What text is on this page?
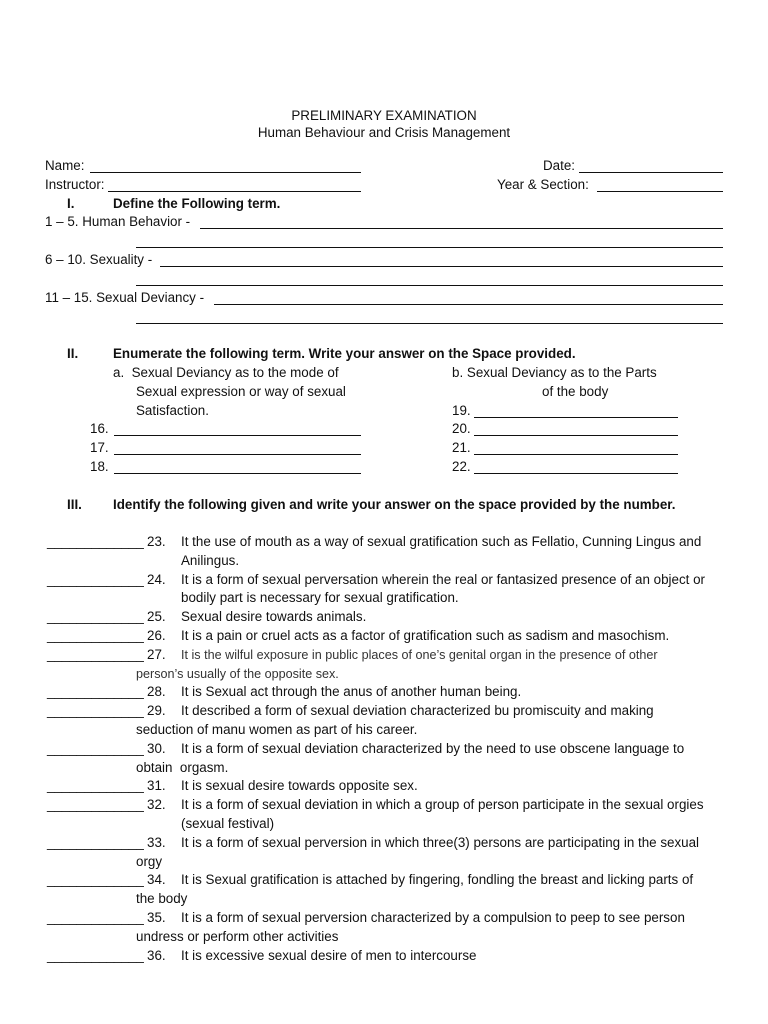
PRELIMINARY EXAMINATION
Human Behaviour and Crisis Management
Name:
Instructor:
Date:
Year & Section:
I.	Define the Following term.
1 – 5. Human Behavior -
6 – 10. Sexuality -
11 – 15. Sexual Deviancy -
II.	Enumerate the following term. Write your answer on the Space provided.
a.  Sexual Deviancy as to the mode of
Sexual expression or way of sexual
Satisfaction.
b. Sexual Deviancy as to the Parts
of the body
16.
17.
18.
19.
20.
21.
22.
III. Identify the following given and write your answer on the space provided by the number.
_____________ 23. It the use of mouth as a way of sexual gratification such as Fellatio, Cunning Lingus and
Anilingus.
_____________ 24. It is a form of sexual perversation wherein the real or fantasized presence of an object or
bodily part is necessary for sexual gratification.
_____________ 25. Sexual desire towards animals.
_____________ 26. It is a pain or cruel acts as a factor of gratification such as sadism and masochism.
_____________ 27. It is the wilful exposure in public places of one’s genital organ in the presence of other
person’s usually of the opposite sex.
_____________ 28. It is Sexual act through the anus of another human being.
_____________ 29. It described a form of sexual deviation characterized bu promiscuity and making
seduction of manu women as part of his career.
_____________ 30. It is a form of sexual deviation characterized by the need to use obscene language to
obtain  orgasm.
_____________ 31. It is sexual desire towards opposite sex.
_____________ 32. It is a form of sexual deviation in which a group of person participate in the sexual orgies
(sexual festival)
_____________ 33. It is a form of sexual perversion in which three(3) persons are participating in the sexual
orgy
_____________ 34. It is Sexual gratification is attached by fingering, fondling the breast and licking parts of
the body
_____________ 35. It is a form of sexual perversion characterized by a compulsion to peep to see person
undress or perform other activities
_____________ 36. It is excessive sexual desire of men to intercourse
